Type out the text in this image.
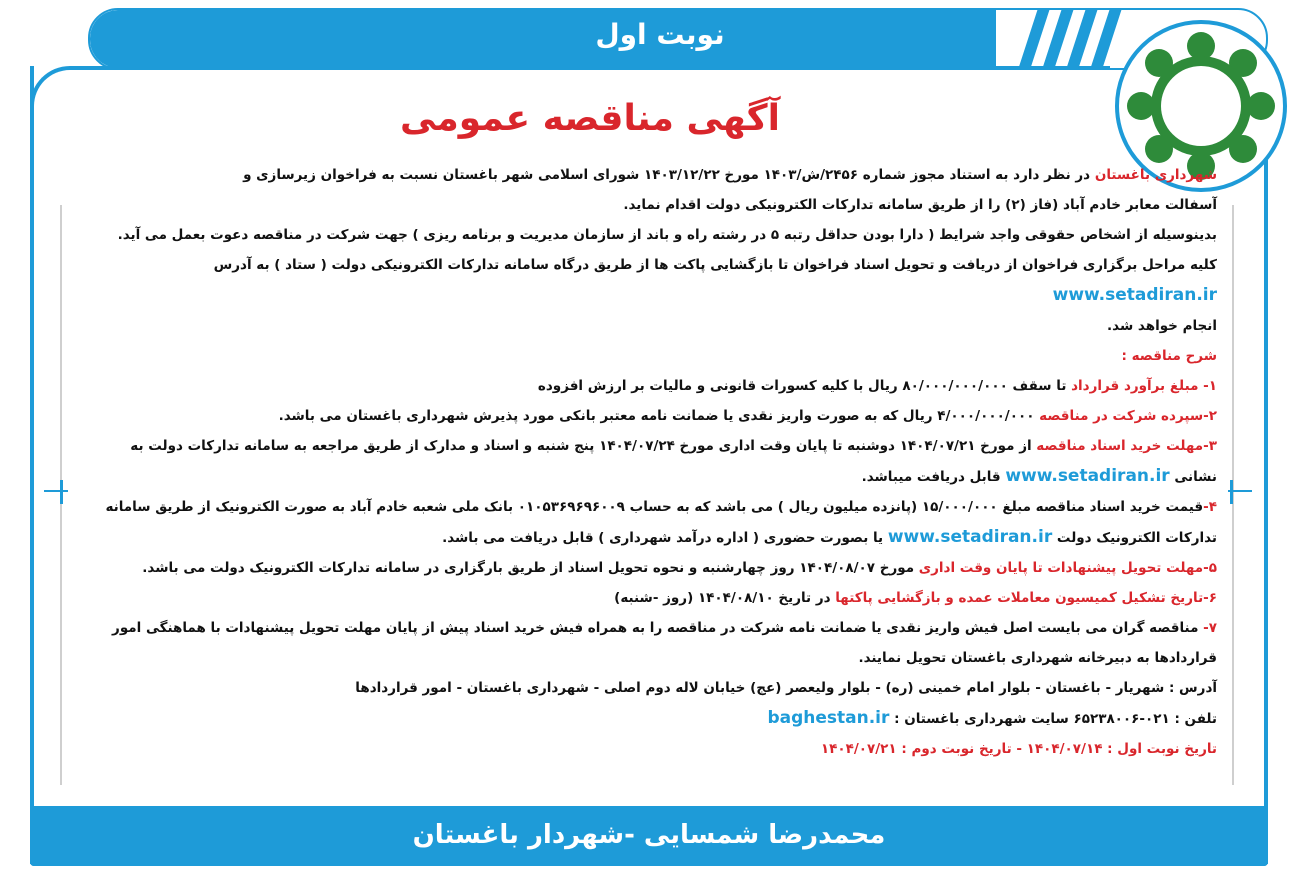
نوبت اول
آگهی مناقصه عمومی

شهرداری باغستان در نظر دارد به استناد مجوز شماره ۲۴۵۶/ش/۱۴۰۳ مورخ ۱۴۰۳/۱۲/۲۲ شورای اسلامی شهر باغستان نسبت به فراخوان زیرسازی و

آسفالت معابر خادم آباد (فاز (۲) را از طریق سامانه تدارکات الکترونیکی دولت اقدام نماید.

بدینوسیله از اشخاص حقوقی واجد شرایط ( دارا بودن حداقل رتبه ۵ در رشته راه و باند از سازمان مدیریت و برنامه ریزی ) جهت شرکت در مناقصه دعوت بعمل می آید.

کلیه مراحل برگزاری فراخوان از دریافت و تحویل اسناد فراخوان تا بازگشایی پاکت ها از طریق درگاه سامانه تدارکات الکترونیکی دولت ( ستاد ) به آدرس www.setadiran.ir

انجام خواهد شد.

شرح مناقصه :

۱- مبلغ برآورد قرارداد تا سقف ۸۰/۰۰۰/۰۰۰/۰۰۰ ریال با کلیه کسورات قانونی و مالیات بر ارزش افزوده

۲-سپرده شرکت در مناقصه ۴/۰۰۰/۰۰۰/۰۰۰ ریال که به صورت واریز نقدی یا ضمانت نامه معتبر بانکی مورد پذیرش شهرداری باغستان می باشد.

۳-مهلت خرید اسناد مناقصه از مورخ ۱۴۰۴/۰۷/۲۱ دوشنبه تا پایان وقت اداری مورخ ۱۴۰۴/۰۷/۲۴ پنج شنبه و اسناد و مدارک از طریق مراجعه به سامانه تدارکات دولت به

نشانی www.setadiran.ir قابل دریافت میباشد.

۴-قیمت خرید اسناد مناقصه مبلغ ۱۵/۰۰۰/۰۰۰ (پانزده میلیون ریال ) می باشد که به حساب ۰۱۰۵۳۶۹۶۹۶۰۰۹ بانک ملی شعبه خادم آباد به صورت الکترونیک از طریق سامانه

تدارکات الکترونیک دولت www.setadiran.ir یا بصورت حضوری ( اداره درآمد شهرداری ) قابل دریافت می باشد.

۵-مهلت تحویل پیشنهادات تا پایان وقت اداری مورخ ۱۴۰۴/۰۸/۰۷ روز چهارشنبه و نحوه تحویل اسناد از طریق بارگزاری در سامانه تدارکات الکترونیک دولت می باشد.

۶-تاریخ تشکیل کمیسیون معاملات عمده و بازگشایی پاکتها در تاریخ ۱۴۰۴/۰۸/۱۰ (روز -شنبه)

۷- مناقصه گران می بایست اصل فیش واریز نقدی یا ضمانت نامه شرکت در مناقصه را به همراه فیش خرید اسناد پیش از پایان مهلت تحویل پیشنهادات با هماهنگی امور

قراردادها به دبیرخانه شهرداری باغستان تحویل نمایند.

آدرس : شهریار - باغستان - بلوار امام خمینی (ره) - بلوار ولیعصر (عج) خیابان لاله دوم اصلی - شهرداری باغستان - امور قراردادها

تلفن : ۰۲۱-۶۵۲۳۸۰۰۶ سایت شهرداری باغستان : baghestan.ir

تاریخ نوبت اول : ۱۴۰۴/۰۷/۱۴ - تاریخ نوبت دوم : ۱۴۰۴/۰۷/۲۱

محمدرضا شمسایی -شهردار باغستان
